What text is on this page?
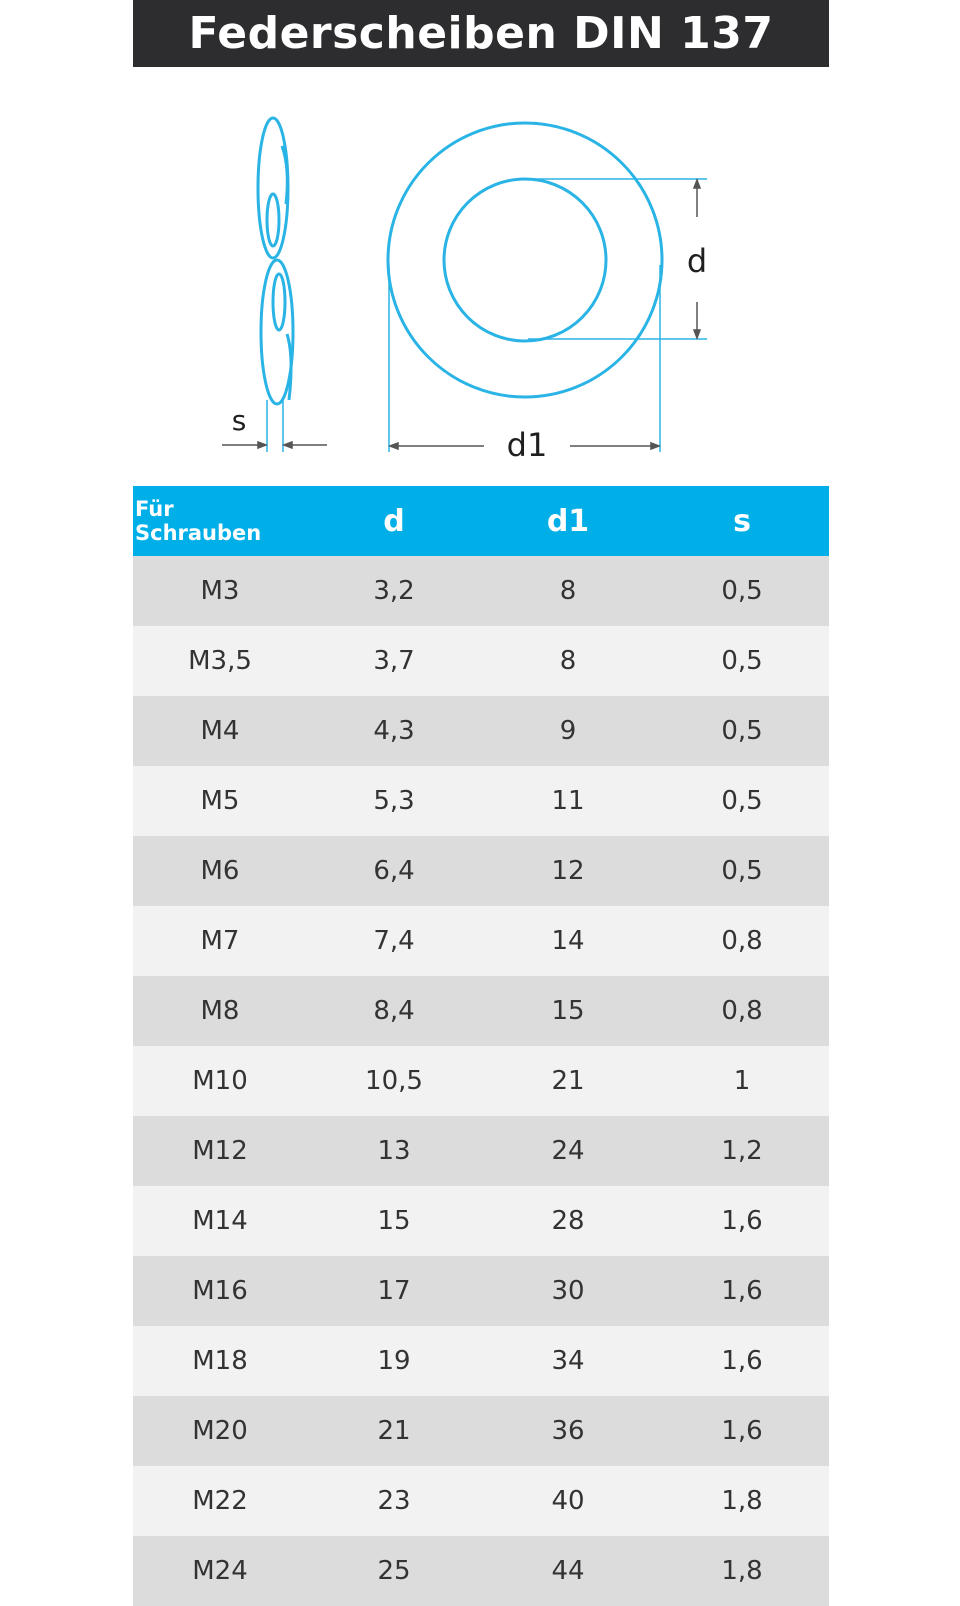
Federscheiben DIN 137
s
d1
d
Für Schrauben	d	d1	s
M3	3,2	8	0,5
M3,5	3,7	8	0,5
M4	4,3	9	0,5
M5	5,3	11	0,5
M6	6,4	12	0,5
M7	7,4	14	0,8
M8	8,4	15	0,8
M10	10,5	21	1
M12	13	24	1,2
M14	15	28	1,6
M16	17	30	1,6
M18	19	34	1,6
M20	21	36	1,6
M22	23	40	1,8
M24	25	44	1,8
